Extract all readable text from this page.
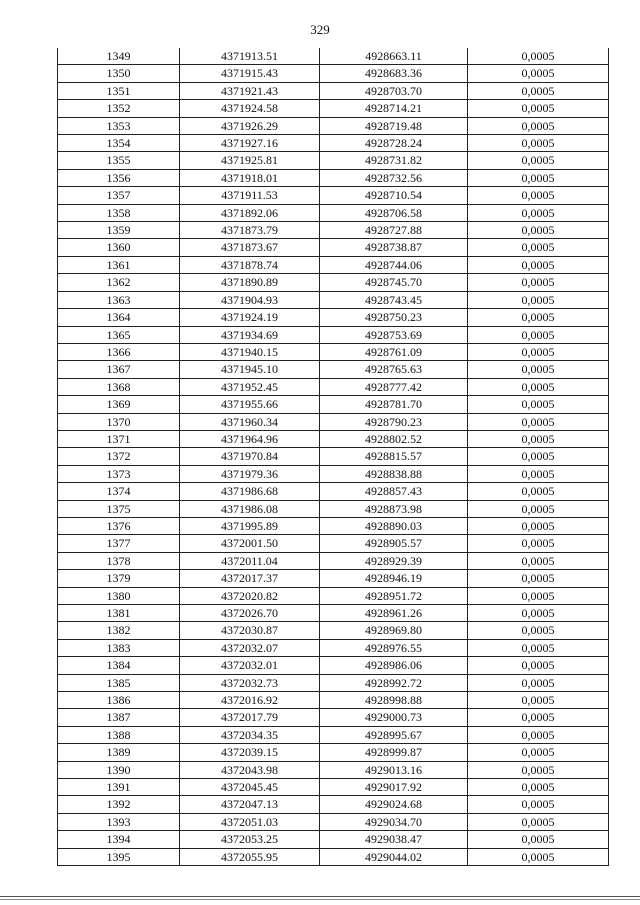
329
1349	4371913.51	4928663.11	0,0005
1350	4371915.43	4928683.36	0,0005
1351	4371921.43	4928703.70	0,0005
1352	4371924.58	4928714.21	0,0005
1353	4371926.29	4928719.48	0,0005
1354	4371927.16	4928728.24	0,0005
1355	4371925.81	4928731.82	0,0005
1356	4371918.01	4928732.56	0,0005
1357	4371911.53	4928710.54	0,0005
1358	4371892.06	4928706.58	0,0005
1359	4371873.79	4928727.88	0,0005
1360	4371873.67	4928738.87	0,0005
1361	4371878.74	4928744.06	0,0005
1362	4371890.89	4928745.70	0,0005
1363	4371904.93	4928743.45	0,0005
1364	4371924.19	4928750.23	0,0005
1365	4371934.69	4928753.69	0,0005
1366	4371940.15	4928761.09	0,0005
1367	4371945.10	4928765.63	0,0005
1368	4371952.45	4928777.42	0,0005
1369	4371955.66	4928781.70	0,0005
1370	4371960.34	4928790.23	0,0005
1371	4371964.96	4928802.52	0,0005
1372	4371970.84	4928815.57	0,0005
1373	4371979.36	4928838.88	0,0005
1374	4371986.68	4928857.43	0,0005
1375	4371986.08	4928873.98	0,0005
1376	4371995.89	4928890.03	0,0005
1377	4372001.50	4928905.57	0,0005
1378	4372011.04	4928929.39	0,0005
1379	4372017.37	4928946.19	0,0005
1380	4372020.82	4928951.72	0,0005
1381	4372026.70	4928961.26	0,0005
1382	4372030.87	4928969.80	0,0005
1383	4372032.07	4928976.55	0,0005
1384	4372032.01	4928986.06	0,0005
1385	4372032.73	4928992.72	0,0005
1386	4372016.92	4928998.88	0,0005
1387	4372017.79	4929000.73	0,0005
1388	4372034.35	4928995.67	0,0005
1389	4372039.15	4928999.87	0,0005
1390	4372043.98	4929013.16	0,0005
1391	4372045.45	4929017.92	0,0005
1392	4372047.13	4929024.68	0,0005
1393	4372051.03	4929034.70	0,0005
1394	4372053.25	4929038.47	0,0005
1395	4372055.95	4929044.02	0,0005
